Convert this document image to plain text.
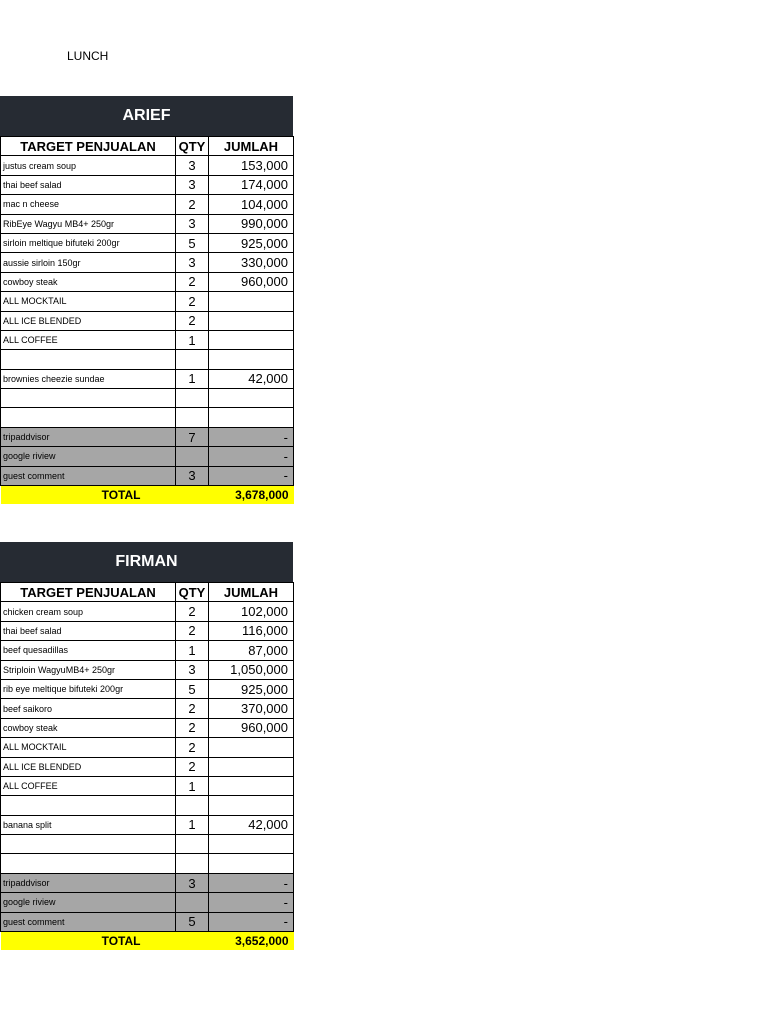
LUNCH
ARIEF
TARGET PENJUALAN	QTY	JUMLAH
justus cream soup	3	153,000
thai beef salad	3	174,000
mac n cheese	2	104,000
RibEye Wagyu MB4+ 250gr	3	990,000
sirloin meltique bifuteki 200gr	5	925,000
aussie sirloin 150gr	3	330,000
cowboy steak	2	960,000
ALL MOCKTAIL	2	
ALL ICE BLENDED	2	
ALL COFFEE	1	

brownies cheezie sundae	1	42,000

tripaddvisor	7	-
google riview		-
guest comment	3	-
TOTAL		3,678,000
FIRMAN
TARGET PENJUALAN	QTY	JUMLAH
chicken cream soup	2	102,000
thai beef salad	2	116,000
beef quesadillas	1	87,000
Striploin WagyuMB4+ 250gr	3	1,050,000
rib eye meltique bifuteki 200gr	5	925,000
beef saikoro	2	370,000
cowboy steak	2	960,000
ALL MOCKTAIL	2	
ALL ICE BLENDED	2	
ALL COFFEE	1	

banana split	1	42,000

tripaddvisor	3	-
google riview		-
guest comment	5	-
TOTAL		3,652,000
